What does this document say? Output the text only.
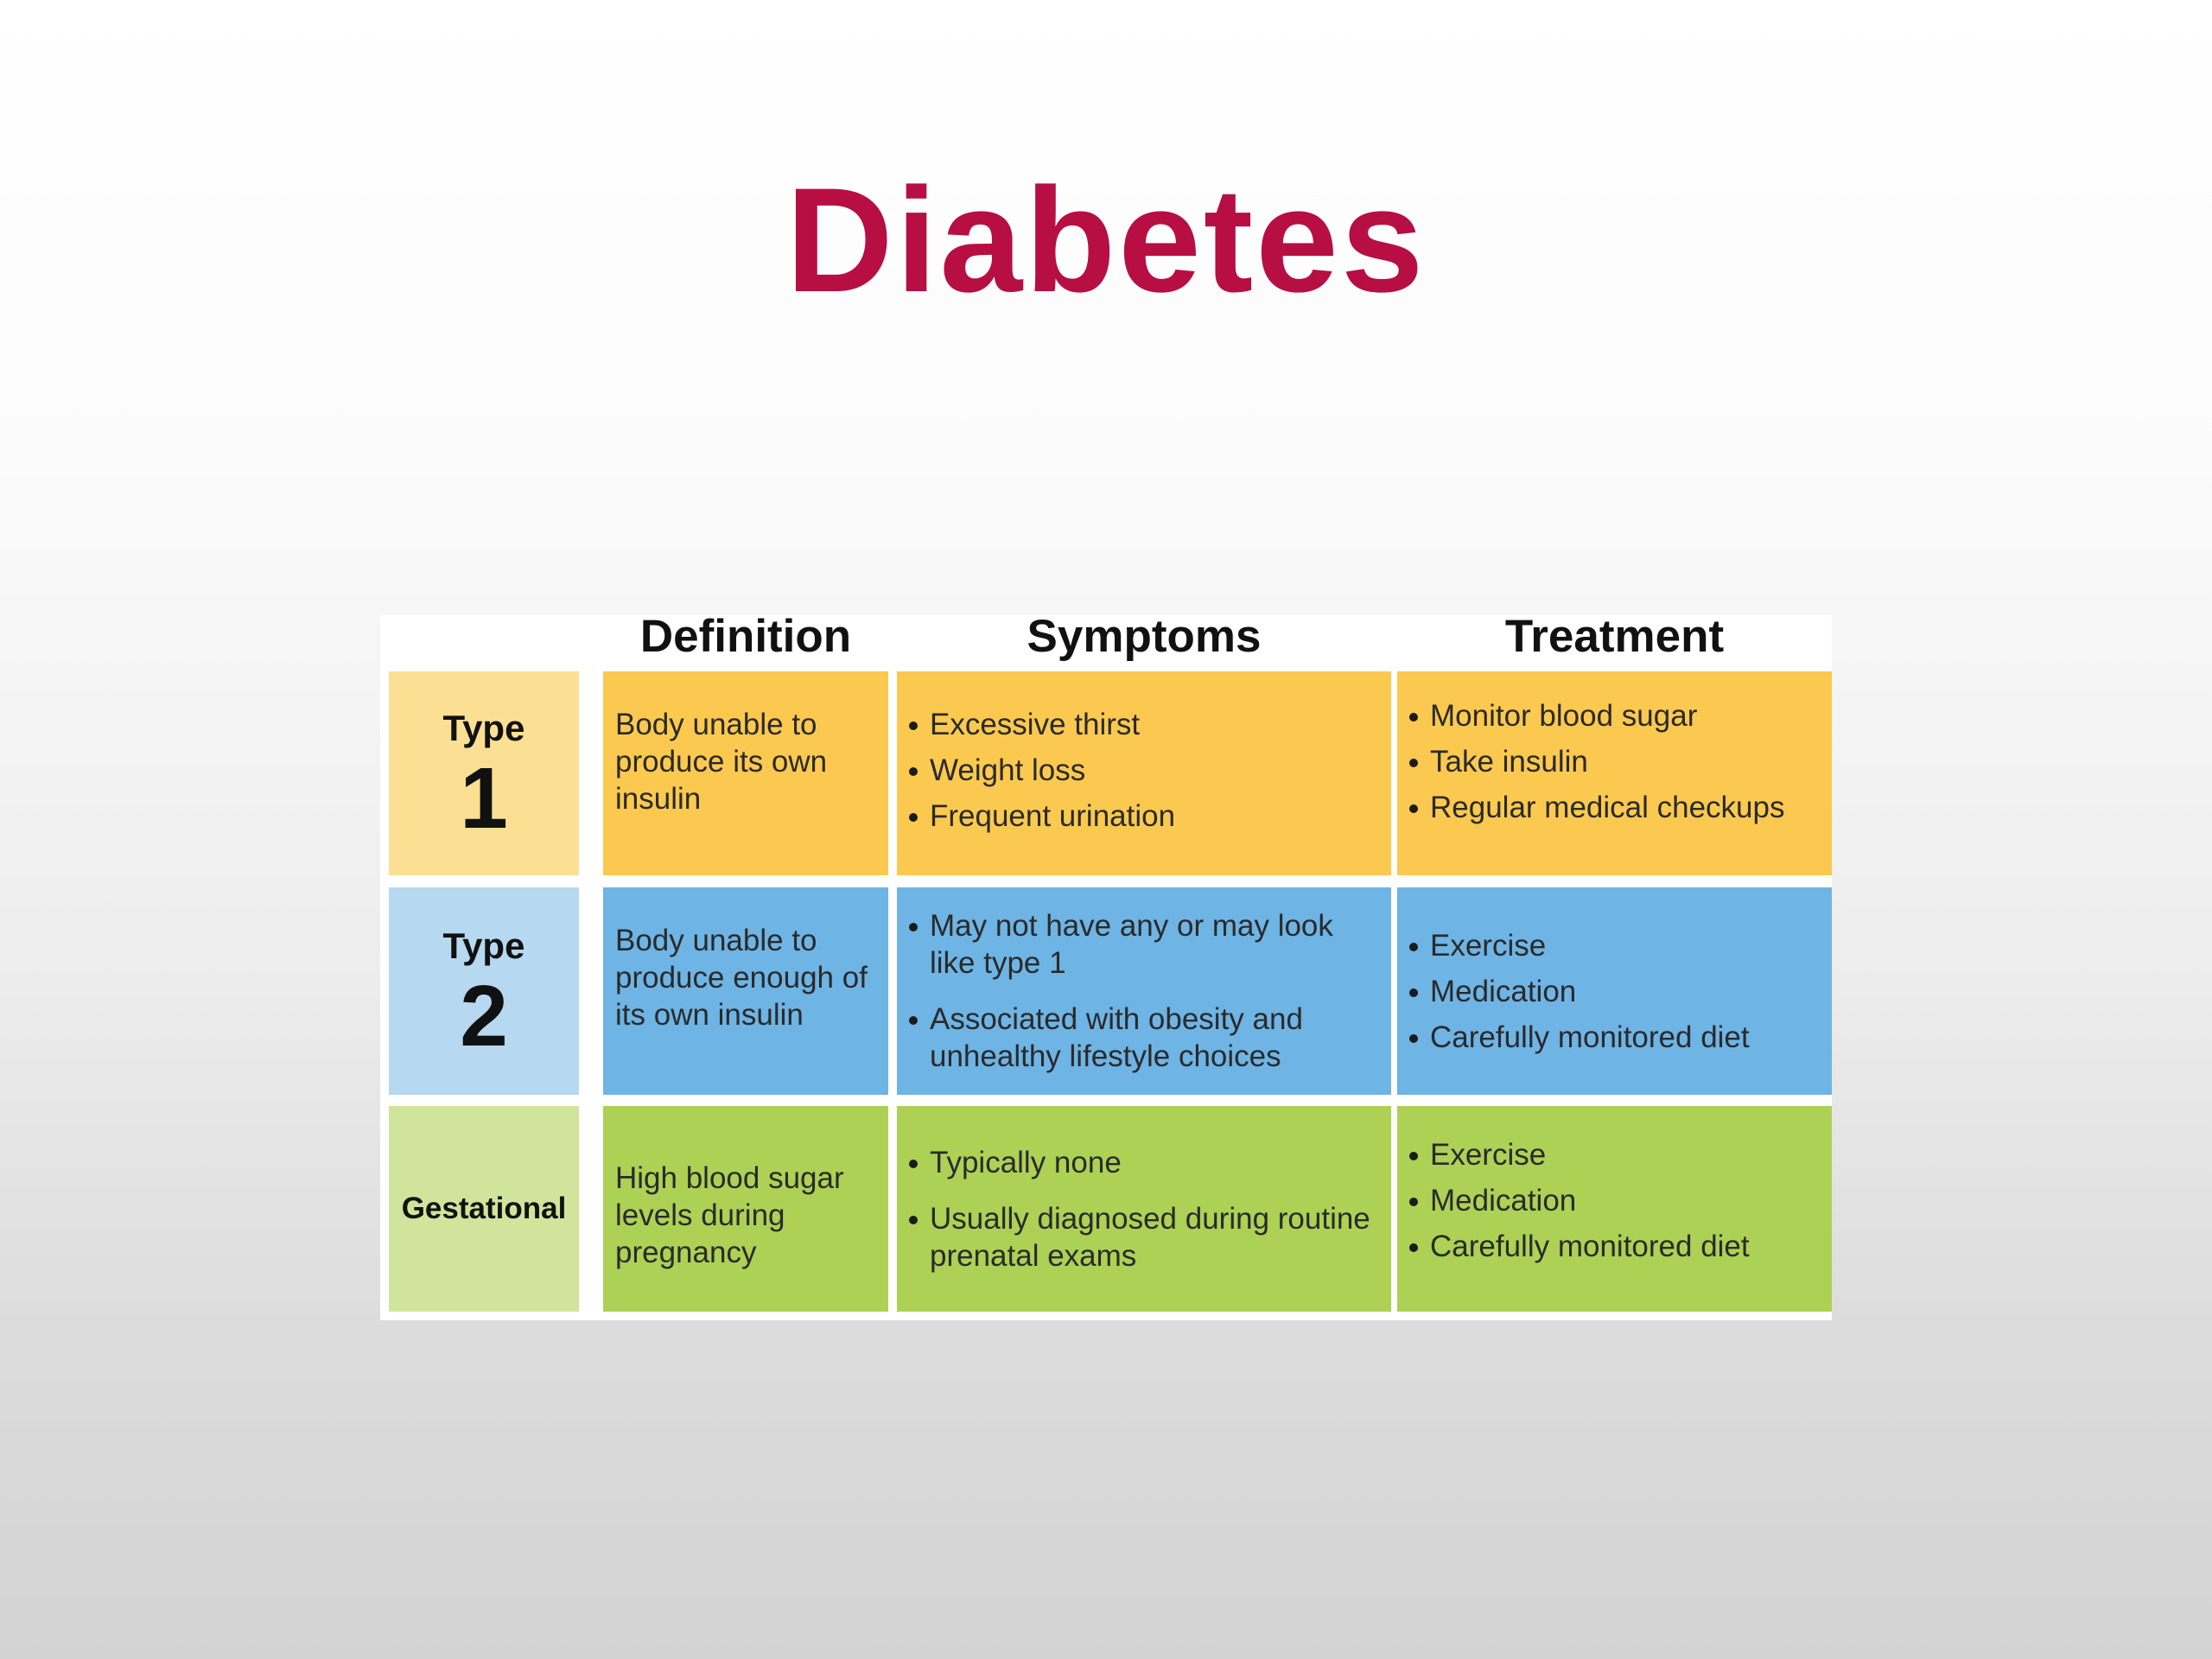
Diabetes
Definition	Symptoms	Treatment
Type
1
Body unable to produce its own insulin
Excessive thirst
Weight loss
Frequent urination
Monitor blood sugar
Take insulin
Regular medical checkups
Type
2
Body unable to produce enough of its own insulin
May not have any or may look like type 1
Associated with obesity and unhealthy lifestyle choices
Exercise
Medication
Carefully monitored diet
Gestational
High blood sugar levels during pregnancy
Typically none
Usually diagnosed during routine prenatal exams
Exercise
Medication
Carefully monitored diet
